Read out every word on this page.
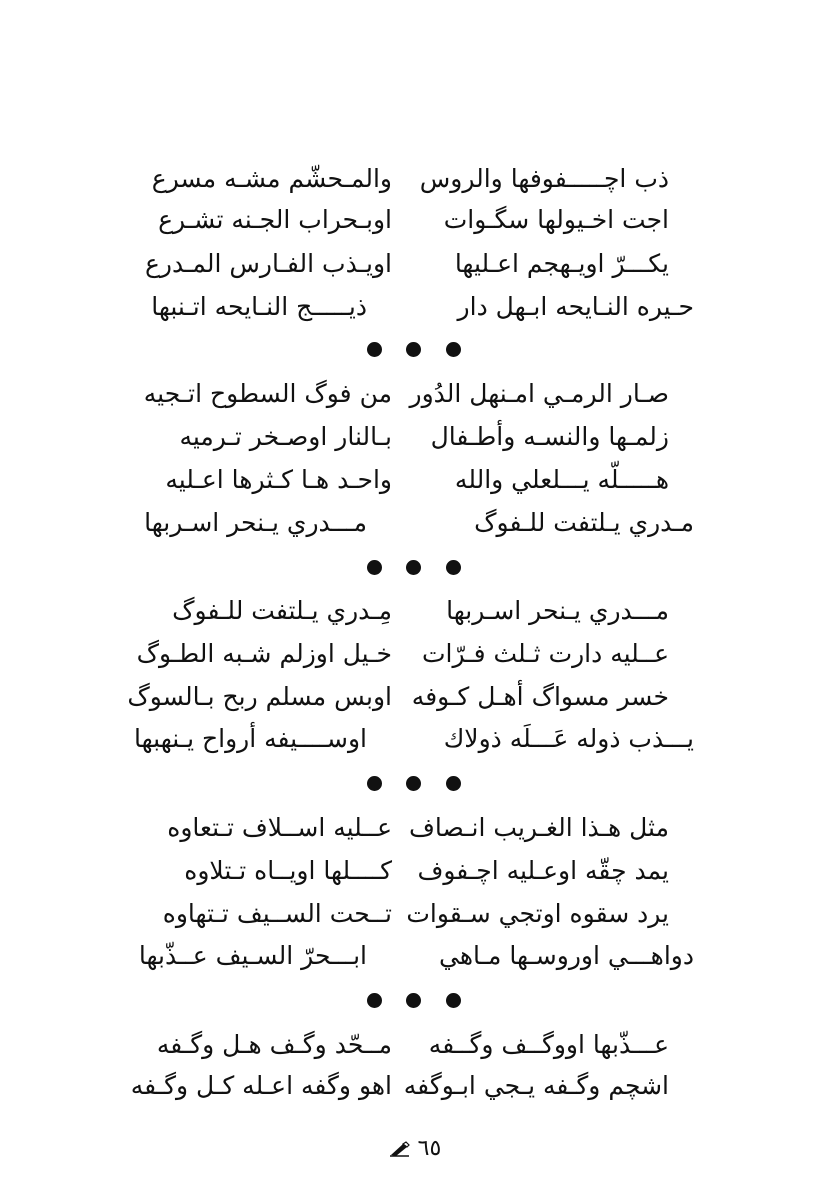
ذب اچـــــفوفها والروس
والمـحشّم مشـه مسرع
اجت اخـيولها سگـوات
اوبـحراب الجـنه تشـرع
يكـــرّ اويـهجم اعـليها
اويـذب الفـارس المـدرع
حـيره النـايحه ابـهل دار
ذيـــــج النـايحه اتـنبها
صـار الرمـي امـنهل الدُور
من فوگ السطوح اتـجيه
زلمـها والنسـه وأطـفال
بـالنار اوصـخر تـرميه
هـــــلّه يـــلعلي والله
واحـد هـا كـثرها اعـليه
مـدري يـلتفت للـفوگ
مـــدري يـنحر اسـربها
مـــدري يـنحر اسـربها
مِـدري يـلتفت للـفوگ
عــليه دارت ثـلث فـرّات
خـيل اوزلم شـبه الطـوگ
خسر مسواگ أهـل كـوفه
اوبس مسلم ربح بـالسوگ
يـــذب ذوله عَـــلَه ذولاك
اوســــيفه أرواح يـنهبها
مثل هـذا الغـريب انـصاف
عــليه اســلاف تـتعاوه
يمد چقّه اوعـليه اچـفوف
كــــلها اويــاه تـتلاوه
يرد سقوه اوتجي سـقوات
تــحت الســيف تـتهاوه
دواهـــي اوروسـها مـاهي
ابـــحرّ السـيف عــذّبها
عـــذّبها اووگــف وگــفه
مــحّد وگـف هـل وگـفه
اشچم وگـفه يـجي ابـوگفه
اهو وگفه اعـله كـل وگـفه
٦٥
